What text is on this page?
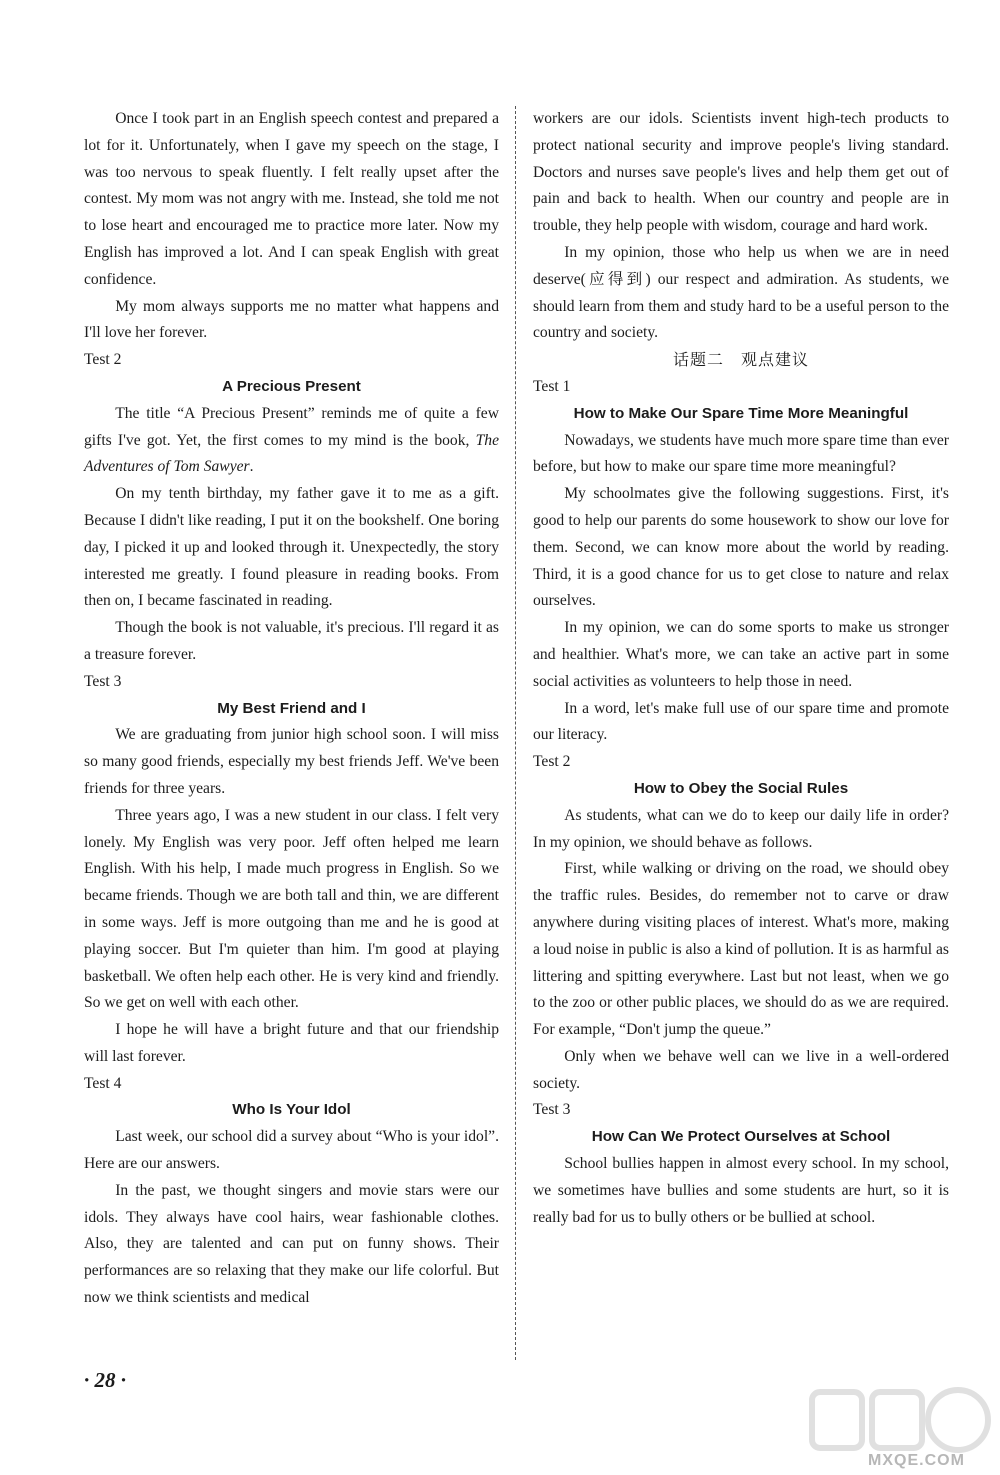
Once I took part in an English speech contest and prepared a lot for it. Unfortunately, when I gave my speech on the stage, I was too nervous to speak fluently. I felt really upset after the contest. My mom was not angry with me. Instead, she told me not to lose heart and encouraged me to practice more later. Now my English has improved a lot. And I can speak English with great confidence.

My mom always supports me no matter what happens and I'll love her forever.

Test 2
A Precious Present

The title “A Precious Present” reminds me of quite a few gifts I've got. Yet, the first comes to my mind is the book, The Adventures of Tom Sawyer.

On my tenth birthday, my father gave it to me as a gift. Because I didn't like reading, I put it on the bookshelf. One boring day, I picked it up and looked through it. Unexpectedly, the story interested me greatly. I found pleasure in reading books. From then on, I became fascinated in reading.

Though the book is not valuable, it's precious. I'll regard it as a treasure forever.

Test 3
My Best Friend and I

We are graduating from junior high school soon. I will miss so many good friends, especially my best friends Jeff. We've been friends for three years.

Three years ago, I was a new student in our class. I felt very lonely. My English was very poor. Jeff often helped me learn English. With his help, I made much progress in English. So we became friends. Though we are both tall and thin, we are different in some ways. Jeff is more outgoing than me and he is good at playing soccer. But I'm quieter than him. I'm good at playing basketball. We often help each other. He is very kind and friendly. So we get on well with each other.

I hope he will have a bright future and that our friendship will last forever.

Test 4
Who Is Your Idol

Last week, our school did a survey about “Who is your idol”. Here are our answers.

In the past, we thought singers and movie stars were our idols. They always have cool hairs, wear fashionable clothes. Also, they are talented and can put on funny shows. Their performances are so relaxing that they make our life colorful. But now we think scientists and medical

workers are our idols. Scientists invent high-tech products to protect national security and improve people's living standard. Doctors and nurses save people's lives and help them get out of pain and back to health. When our country and people are in trouble, they help people with wisdom, courage and hard work.

In my opinion, those who help us when we are in need deserve(应得到) our respect and admiration. As students, we should learn from them and study hard to be a useful person to the country and society.

话题二　观点建议
Test 1
How to Make Our Spare Time More Meaningful

Nowadays, we students have much more spare time than ever before, but how to make our spare time more meaningful?

My schoolmates give the following suggestions. First, it's good to help our parents do some housework to show our love for them. Second, we can know more about the world by reading. Third, it is a good chance for us to get close to nature and relax ourselves.

In my opinion, we can do some sports to make us stronger and healthier. What's more, we can take an active part in some social activities as volunteers to help those in need.

In a word, let's make full use of our spare time and promote our literacy.

Test 2
How to Obey the Social Rules

As students, what can we do to keep our daily life in order? In my opinion, we should behave as follows.

First, while walking or driving on the road, we should obey the traffic rules. Besides, do remember not to carve or draw anywhere during visiting places of interest. What's more, making a loud noise in public is also a kind of pollution. It is as harmful as littering and spitting everywhere. Last but not least, when we go to the zoo or other public places, we should do as we are required. For example, “Don't jump the queue.”

Only when we behave well can we live in a well-ordered society.

Test 3
How Can We Protect Ourselves at School

School bullies happen in almost every school. In my school, we sometimes have bullies and some students are hurt, so it is really bad for us to bully others or be bullied at school.

· 28 ·
MXQE.COM
